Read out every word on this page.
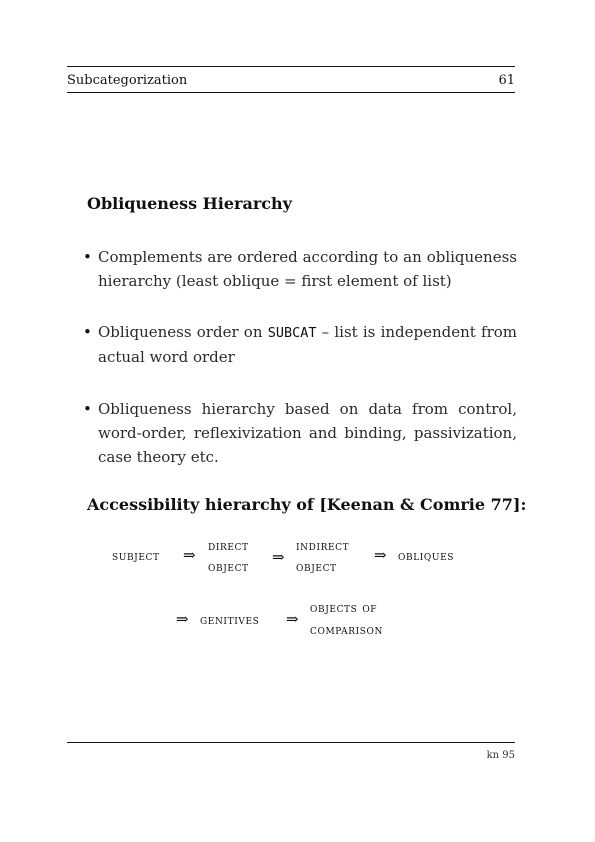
Subcategorization	61
Obliqueness Hierarchy
• Complements are ordered according to an obliqueness hierarchy (least oblique = first element of list)
• Obliqueness order on SUBCAT – list is independent from actual word order
• Obliqueness hierarchy based on data from control, word-order, reflexivization and binding, passivization, case theory etc.
Accessibility hierarchy of [Keenan & Comrie 77]:
subject ⇒ direct
object
⇒
indirect
object
⇒ obliques
⇒ genitives ⇒
objects of
comparison
kn 95
